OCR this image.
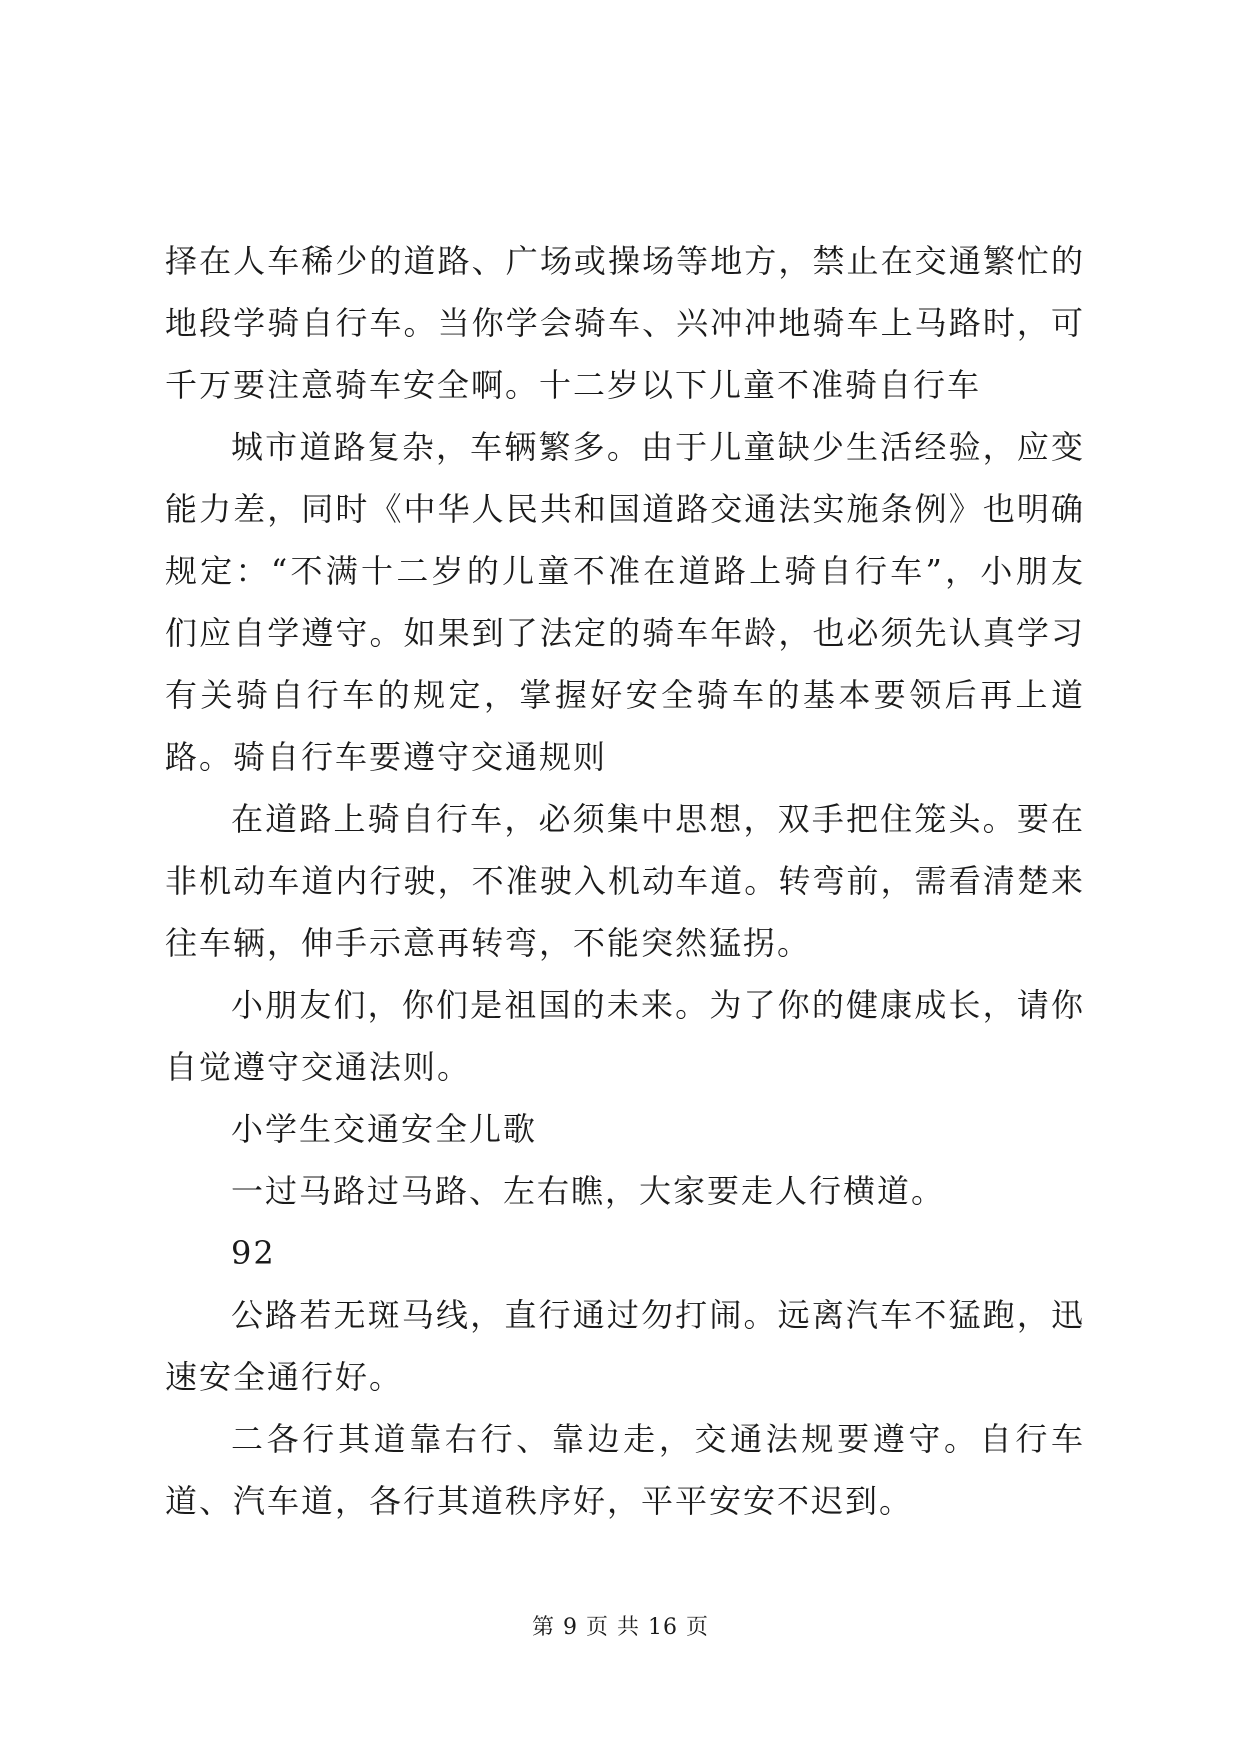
择在人车稀少的道路、广场或操场等地方，禁止在交通繁忙的地段学骑自行车。当你学会骑车、兴冲冲地骑车上马路时，可千万要注意骑车安全啊。十二岁以下儿童不准骑自行车

城市道路复杂，车辆繁多。由于儿童缺少生活经验，应变能力差，同时《中华人民共和国道路交通法实施条例》也明确规定：“不满十二岁的儿童不准在道路上骑自行车”，小朋友们应自学遵守。如果到了法定的骑车年龄，也必须先认真学习有关骑自行车的规定，掌握好安全骑车的基本要领后再上道路。骑自行车要遵守交通规则

在道路上骑自行车，必须集中思想，双手把住笼头。要在非机动车道内行驶，不准驶入机动车道。转弯前，需看清楚来往车辆，伸手示意再转弯，不能突然猛拐。

小朋友们，你们是祖国的未来。为了你的健康成长，请你自觉遵守交通法则。

小学生交通安全儿歌

一过马路过马路、左右瞧，大家要走人行横道。

92

公路若无斑马线，直行通过勿打闹。远离汽车不猛跑，迅速安全通行好。

二各行其道靠右行、靠边走，交通法规要遵守。自行车道、汽车道，各行其道秩序好，平平安安不迟到。

第 9 页 共 16 页
